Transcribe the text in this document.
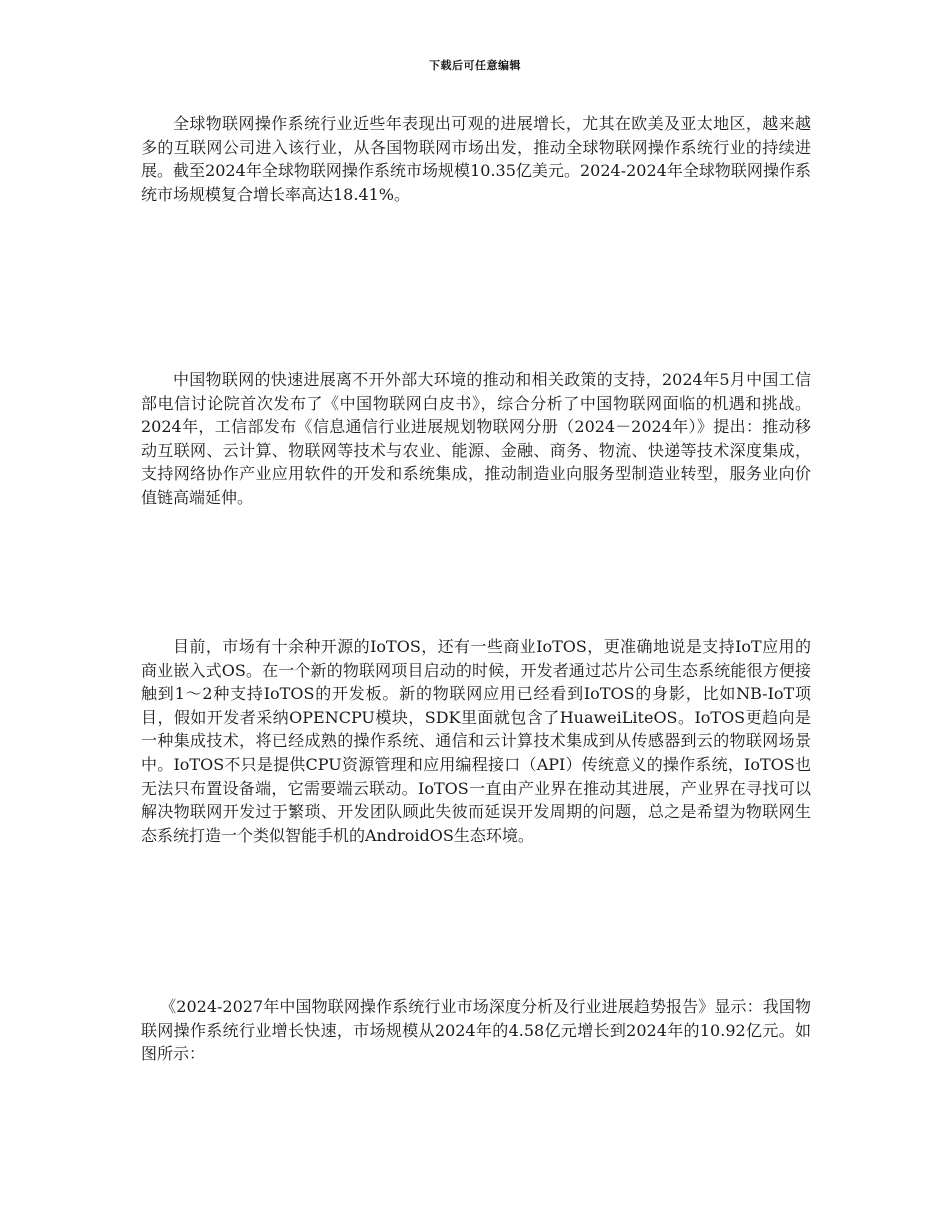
下载后可任意编辑

全球物联网操作系统行业近些年表现出可观的进展增长，尤其在欧美及亚太地区，越来越多的互联网公司进入该行业，从各国物联网市场出发，推动全球物联网操作系统行业的持续进展。截至2024年全球物联网操作系统市场规模10.35亿美元。2024-2024年全球物联网操作系统市场规模复合增长率高达18.41%。

中国物联网的快速进展离不开外部大环境的推动和相关政策的支持，2024年5月中国工信部电信讨论院首次发布了《中国物联网白皮书》，综合分析了中国物联网面临的机遇和挑战。2024年，工信部发布《信息通信行业进展规划物联网分册（2024－2024年）》提出：推动移动互联网、云计算、物联网等技术与农业、能源、金融、商务、物流、快递等技术深度集成，支持网络协作产业应用软件的开发和系统集成，推动制造业向服务型制造业转型，服务业向价值链高端延伸。

目前，市场有十余种开源的IoTOS，还有一些商业IoTOS，更准确地说是支持IoT应用的商业嵌入式OS。在一个新的物联网项目启动的时候，开发者通过芯片公司生态系统能很方便接触到1～2种支持IoTOS的开发板。新的物联网应用已经看到IoTOS的身影，比如NB-IoT项目，假如开发者采纳OPENCPU模块，SDK里面就包含了HuaweiLiteOS。IoTOS更趋向是一种集成技术，将已经成熟的操作系统、通信和云计算技术集成到从传感器到云的物联网场景中。IoTOS不只是提供CPU资源管理和应用编程接口（API）传统意义的操作系统，IoTOS也无法只布置设备端，它需要端云联动。IoTOS一直由产业界在推动其进展，产业界在寻找可以解决物联网开发过于繁琐、开发团队顾此失彼而延误开发周期的问题，总之是希望为物联网生态系统打造一个类似智能手机的AndroidOS生态环境。

《2024-2027年中国物联网操作系统行业市场深度分析及行业进展趋势报告》显示：我国物联网操作系统行业增长快速，市场规模从2024年的4.58亿元增长到2024年的10.92亿元。如图所示：
